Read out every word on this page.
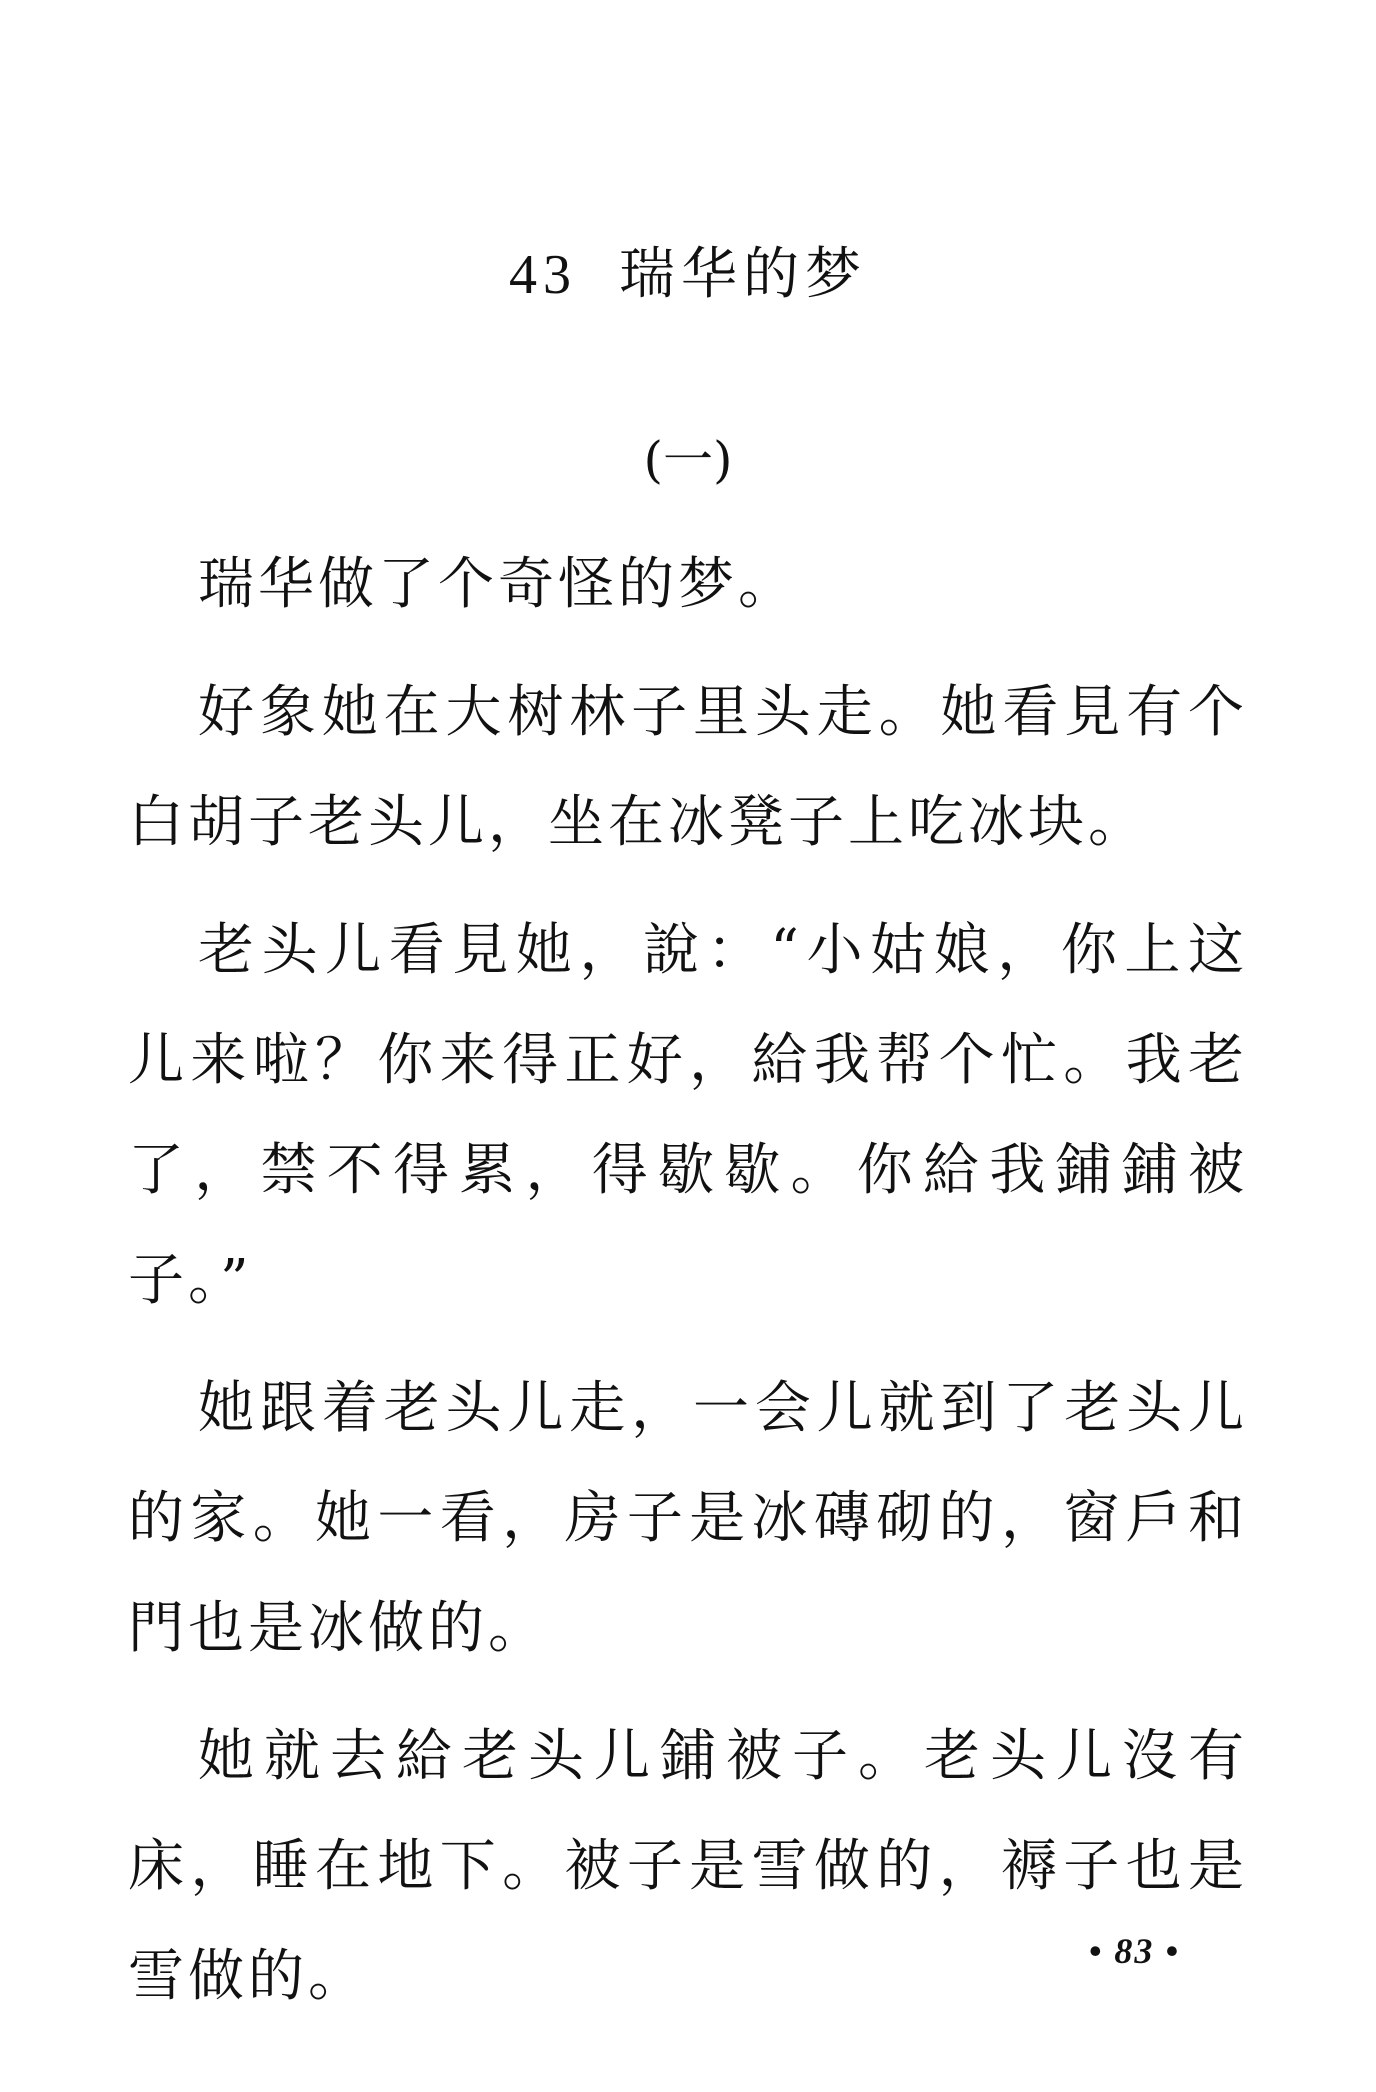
43 瑞华的梦
(一)

瑞华做了个奇怪的梦。

好象她在大树林子里头走。她看見有个白胡子老头儿，坐在冰凳子上吃冰块。

老头儿看見她，說：“小姑娘，你上这儿来啦？你来得正好，給我帮个忙。我老了，禁不得累，得歇歇。你給我鋪鋪被子。”

她跟着老头儿走，一会儿就到了老头儿的家。她一看，房子是冰磚砌的，窗戶和門也是冰做的。

她就去給老头儿鋪被子。老头儿沒有床，睡在地下。被子是雪做的，褥子也是雪做的。	• 83 •
